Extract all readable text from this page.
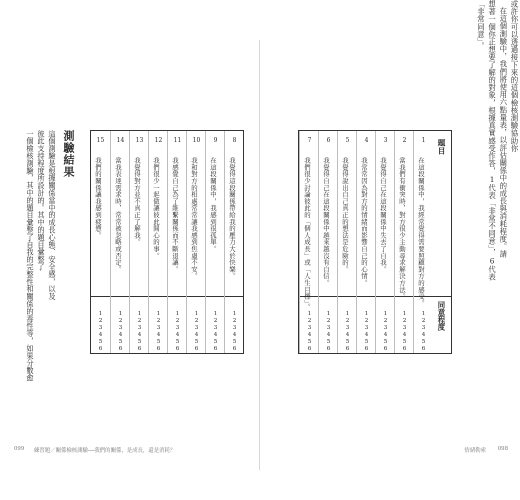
8
我覺得這段關係帶給我的壓力大於快樂。
1
2
3
4
5
6
9
在這段關係中，我感到很孤單。
1
2
3
4
5
6
10
我和對方的相處常常讓我感到焦慮不安。
1
2
3
4
5
6
11
我感覺自己為了維繫關係而不斷退讓。
1
2
3
4
5
6
12
我們很少一起做讓彼此開心的事。
1
2
3
4
5
6
13
我覺得對方並不真正了解我。
1
2
3
4
5
6
14
當我表達需求時，常常被忽略或否定。
1
2
3
4
5
6
15
我們的關係讓我感到疲憊。
1
2
3
4
5
6
測驗結果
這個測驗是根據關係當中的成長心態、安全感，以及
彼此支持程度所設計的。其中的題目彙整了
一個檢核測驗，其中的題目彙整了自我的完整性和關係的毒性等，如果分數愈
099 練習題／關係檢核測驗──我們的關係，是成長，還是消耗？
或許你可以透過接下來的這個檢核測驗協助你
在這個測驗中，我們將使用六點量表，以評估關係中的成長與消耗程度。請
想著一個你正想要了解的對象，根據真實感受作答，1代表「非常不同意」，6代表
「非常同意」。
題目
同意程度
1
在這段關係中，我經常覺得需要照顧對方的感受。
1
2
3
4
5
6
2
當我們有衝突時，對方很少主動尋求解決方法。
1
2
3
4
5
6
3
我覺得自己在這段關係中失去了自我。
1
2
3
4
5
6
4
我常常因為對方的情緒而影響自己的心情。
1
2
3
4
5
6
5
我覺得說出自己真正的想法是危險的。
1
2
3
4
5
6
6
我覺得自己在這段關係中越來越沒有自信。
1
2
3
4
5
6
7
我們很少討論彼此的「個人成長」或「人生目標」。
1
2
3
4
5
6
098
情緒勒索
